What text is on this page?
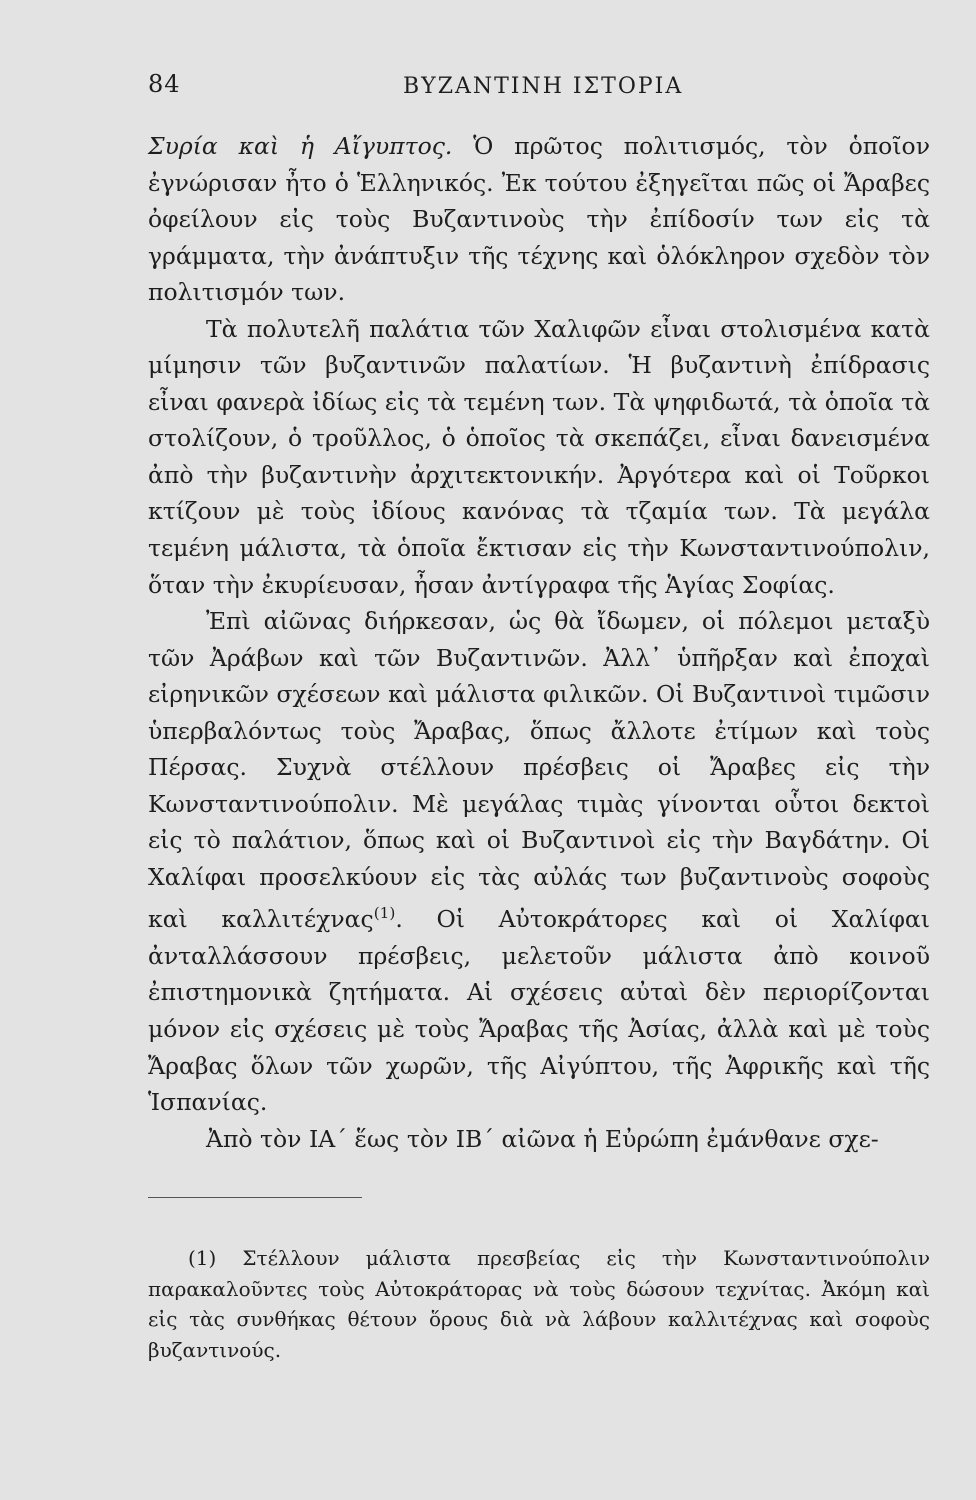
84	ΒΥΖΑΝΤΙΝΗ ΙΣΤΟΡΙΑ

Συρία καὶ ἡ Αἴγυπτος. Ὁ πρῶτος πολιτισμός, τὸν ὁποῖον ἐγνώρισαν ἦτο ὁ Ἑλληνικός. Ἐκ τούτου ἐξηγεῖται πῶς οἱ Ἄραβες ὀφείλουν εἰς τοὺς Βυζαντινοὺς τὴν ἐπίδοσίν των εἰς τὰ γράμματα, τὴν ἀνάπτυξιν τῆς τέχνης καὶ ὁλόκληρον σχεδὸν τὸν πολιτισμόν των.

Τὰ πολυτελῆ παλάτια τῶν Χαλιφῶν εἶναι στολισμένα κατὰ μίμησιν τῶν βυζαντινῶν παλατίων. Ἡ βυζαντινὴ ἐπίδρασις εἶναι φανερὰ ἰδίως εἰς τὰ τεμένη των. Τὰ ψηφιδωτά, τὰ ὁποῖα τὰ στολίζουν, ὁ τροῦλλος, ὁ ὁποῖος τὰ σκεπάζει, εἶναι δανεισμένα ἀπὸ τὴν βυζαντινὴν ἀρχιτεκτονικήν. Ἀργότερα καὶ οἱ Τοῦρκοι κτίζουν μὲ τοὺς ἰδίους κανόνας τὰ τζαμία των. Τὰ μεγάλα τεμένη μάλιστα, τὰ ὁποῖα ἔκτισαν εἰς τὴν Κωνσταντινούπολιν, ὅταν τὴν ἐκυρίευσαν, ἦσαν ἀντίγραφα τῆς Ἁγίας Σοφίας.

Ἐπὶ αἰῶνας διήρκεσαν, ὡς θὰ ἴδωμεν, οἱ πόλεμοι μεταξὺ τῶν Ἀράβων καὶ τῶν Βυζαντινῶν. Ἀλλ᾽ ὑπῆρξαν καὶ ἐποχαὶ εἰρηνικῶν σχέσεων καὶ μάλιστα φιλικῶν. Οἱ Βυζαντινοὶ τιμῶσιν ὑπερβαλόντως τοὺς Ἄραβας, ὅπως ἄλλοτε ἐτίμων καὶ τοὺς Πέρσας. Συχνὰ στέλλουν πρέσβεις οἱ Ἄραβες εἰς τὴν Κωνσταντινούπολιν. Μὲ μεγάλας τιμὰς γίνονται οὗτοι δεκτοὶ εἰς τὸ παλάτιον, ὅπως καὶ οἱ Βυζαντινοὶ εἰς τὴν Βαγδάτην. Οἱ Χαλίφαι προσελκύουν εἰς τὰς αὐλάς των βυζαντινοὺς σοφοὺς καὶ καλλιτέχνας$^{(1)}$. Οἱ Αὐτοκράτορες καὶ οἱ Χαλίφαι ἀνταλλάσσουν πρέσβεις, μελετοῦν μάλιστα ἀπὸ κοινοῦ ἐπιστημονικὰ ζητήματα. Αἱ σχέσεις αὐταὶ δὲν περιορίζονται μόνον εἰς σχέσεις μὲ τοὺς Ἄραβας τῆς Ἀσίας, ἀλλὰ καὶ μὲ τοὺς Ἄραβας ὅλων τῶν χωρῶν, τῆς Αἰγύπτου, τῆς Ἀφρικῆς καὶ τῆς Ἱσπανίας.

Ἀπὸ τὸν ΙΑ´ ἕως τὸν ΙΒ´ αἰῶνα ἡ Εὐρώπη ἐμάνθανε σχε-

(1) Στέλλουν μάλιστα πρεσβείας εἰς τὴν Κωνσταντινούπολιν παρακαλοῦντες τοὺς Αὐτοκράτορας νὰ τοὺς δώσουν τεχνίτας. Ἀκόμη καὶ εἰς τὰς συνθήκας θέτουν ὅρους διὰ νὰ λάβουν καλλιτέχνας καὶ σοφοὺς βυζαντινούς.
